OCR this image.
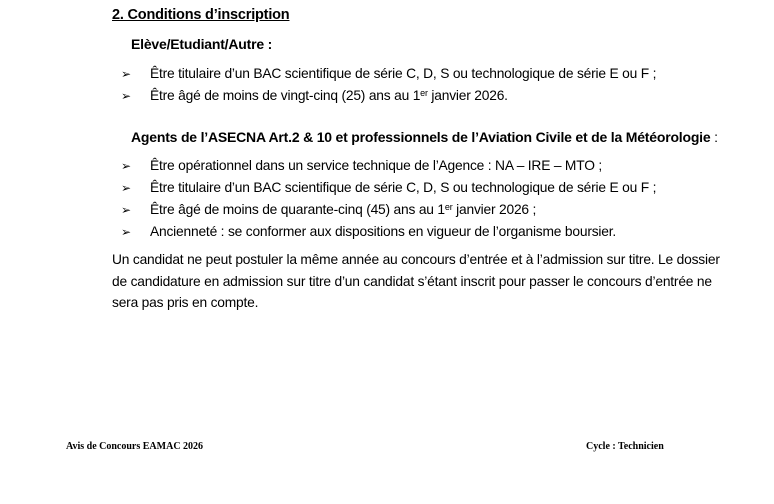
2. Conditions d’inscription
Elève/Etudiant/Autre :
➢	Être titulaire d’un BAC scientifique de série C, D, S ou technologique de série E ou F ;
➢	Être âgé de moins de vingt-cinq (25) ans au 1er janvier 2026.
Agents de l’ASECNA Art.2 & 10 et professionnels de l’Aviation Civile et de la Météorologie :
➢	Être opérationnel dans un service technique de l’Agence : NA – IRE – MTO ;
➢	Être titulaire d’un BAC scientifique de série C, D, S ou technologique de série E ou F ;
➢	Être âgé de moins de quarante-cinq (45) ans au 1er janvier 2026 ;
➢	Ancienneté : se conformer aux dispositions en vigueur de l’organisme boursier.

Un candidat ne peut postuler la même année au concours d’entrée et à l’admission sur titre. Le dossier

de candidature en admission sur titre d’un candidat s’étant inscrit pour passer le concours d’entrée ne

sera pas pris en compte.

Avis de Concours EAMAC 2026	Cycle : Technicien
